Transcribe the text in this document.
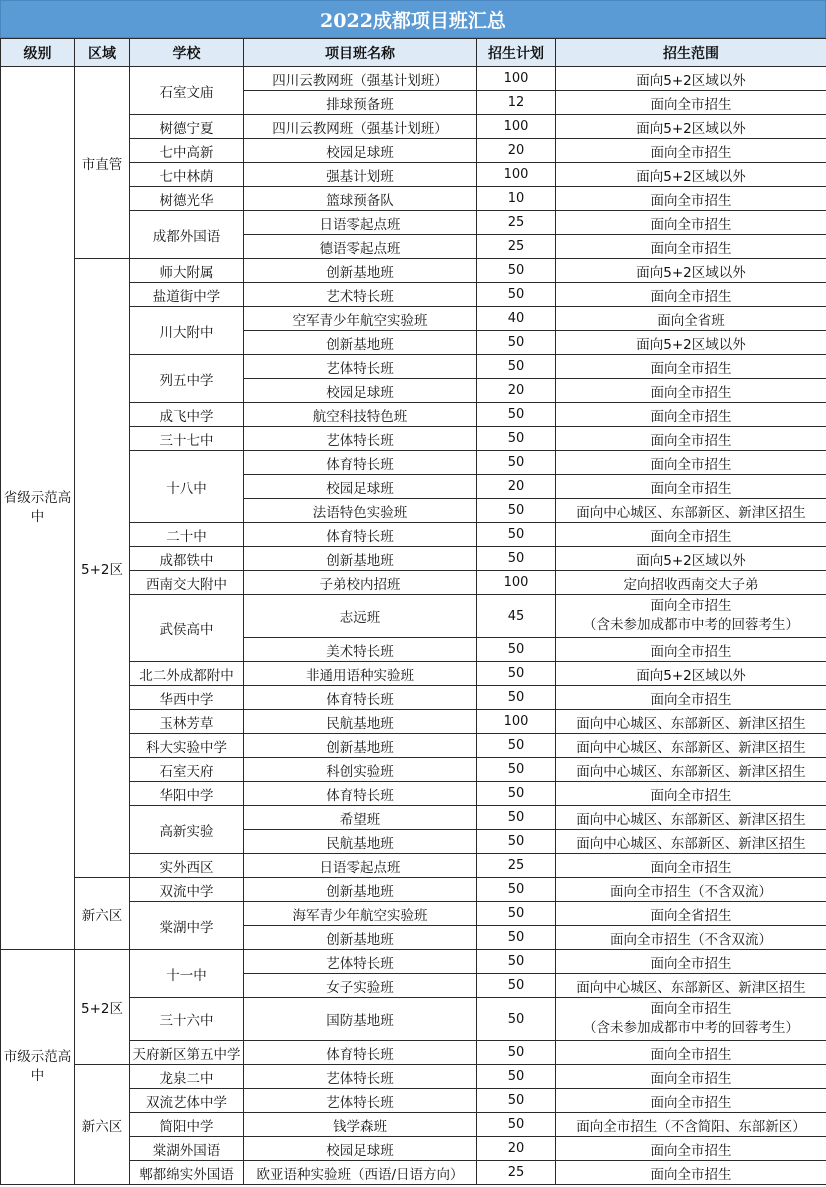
2022成都项目班汇总
级别	区域	学校	项目班名称	招生计划	招生范围
省级示范高中	市直管	石室文庙	四川云教网班（强基计划班）	100	面向5+2区域以外
			排球预备班	12	面向全市招生
		树德宁夏	四川云教网班（强基计划班）	100	面向5+2区域以外
		七中高新	校园足球班	20	面向全市招生
		七中林荫	强基计划班	100	面向5+2区域以外
		树德光华	篮球预备队	10	面向全市招生
		成都外国语	日语零起点班	25	面向全市招生
			德语零起点班	25	面向全市招生
	5+2区	师大附属	创新基地班	50	面向5+2区域以外
		盐道街中学	艺术特长班	50	面向全市招生
		川大附中	空军青少年航空实验班	40	面向全省班
			创新基地班	50	面向5+2区域以外
		列五中学	艺体特长班	50	面向全市招生
			校园足球班	20	面向全市招生
		成飞中学	航空科技特色班	50	面向全市招生
		三十七中	艺体特长班	50	面向全市招生
		十八中	体育特长班	50	面向全市招生
			校园足球班	20	面向全市招生
			法语特色实验班	50	面向中心城区、东部新区、新津区招生
		二十中	体育特长班	50	面向全市招生
		成都铁中	创新基地班	50	面向5+2区域以外
		西南交大附中	子弟校内招班	100	定向招收西南交大子弟
		武侯高中	志远班	45	面向全市招生
（含未参加成都市中考的回蓉考生）

			美术特长班	50	面向全市招生
		北二外成都附中	非通用语种实验班	50	面向5+2区域以外
		华西中学	体育特长班	50	面向全市招生
		玉林芳草	民航基地班	100	面向中心城区、东部新区、新津区招生
		科大实验中学	创新基地班	50	面向中心城区、东部新区、新津区招生
		石室天府	科创实验班	50	面向中心城区、东部新区、新津区招生
		华阳中学	体育特长班	50	面向全市招生
		高新实验	希望班	50	面向中心城区、东部新区、新津区招生
			民航基地班	50	面向中心城区、东部新区、新津区招生
		实外西区	日语零起点班	25	面向全市招生
	新六区	双流中学	创新基地班	50	面向全市招生（不含双流）
		棠湖中学	海军青少年航空实验班	50	面向全省招生
			创新基地班	50	面向全市招生（不含双流）
市级示范高中	5+2区	十一中	艺体特长班	50	面向全市招生
			女子实验班	50	面向中心城区、东部新区、新津区招生
		三十六中	国防基地班	50	面向全市招生
（含未参加成都市中考的回蓉考生）

		天府新区第五中学	体育特长班	50	面向全市招生
	新六区	龙泉二中	艺体特长班	50	面向全市招生
		双流艺体中学	艺体特长班	50	面向全市招生
		简阳中学	钱学森班	50	面向全市招生（不含简阳、东部新区）
		棠湖外国语	校园足球班	20	面向全市招生
		郫都绵实外国语	欧亚语种实验班（西语/日语方向）	25	面向全市招生
